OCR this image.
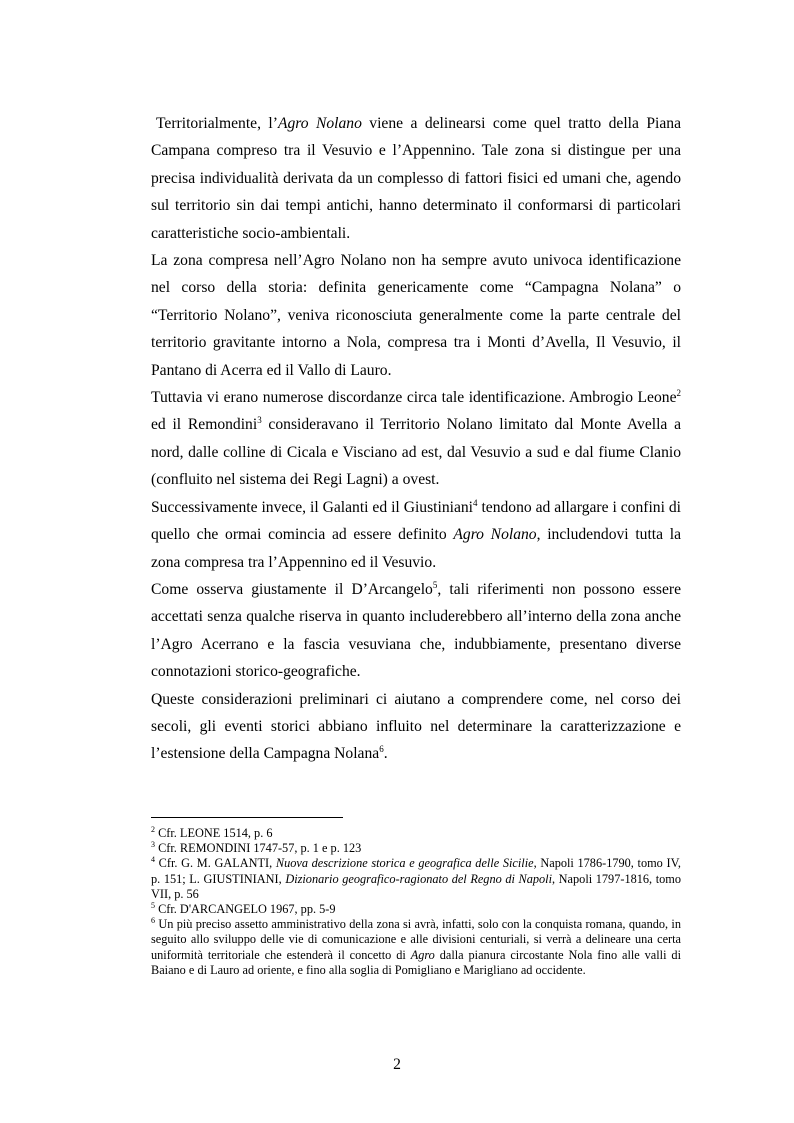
Territorialmente, l’Agro Nolano viene a delinearsi come quel tratto della Piana Campana compreso tra il Vesuvio e l’Appennino. Tale zona si distingue per una precisa individualità derivata da un complesso di fattori fisici ed umani che, agendo sul territorio sin dai tempi antichi, hanno determinato il conformarsi di particolari caratteristiche socio-ambientali.

La zona compresa nell’Agro Nolano non ha sempre avuto univoca identificazione nel corso della storia: definita genericamente come “Campagna Nolana” o “Territorio Nolano”, veniva riconosciuta generalmente come la parte centrale del territorio gravitante intorno a Nola, compresa tra i Monti d’Avella, Il Vesuvio, il Pantano di Acerra ed il Vallo di Lauro.

Tuttavia vi erano numerose discordanze circa tale identificazione. Ambrogio Leone$^2$ ed il Remondini$^3$ consideravano il Territorio Nolano limitato dal Monte Avella a nord, dalle colline di Cicala e Visciano ad est, dal Vesuvio a sud e dal fiume Clanio (confluito nel sistema dei Regi Lagni) a ovest.

Successivamente invece, il Galanti ed il Giustiniani$^4$ tendono ad allargare i confini di quello che ormai comincia ad essere definito Agro Nolano, includendovi tutta la zona compresa tra l’Appennino ed il Vesuvio.

Come osserva giustamente il D’Arcangelo$^5$, tali riferimenti non possono essere accettati senza qualche riserva in quanto includerebbero all’interno della zona anche l’Agro Acerrano e la fascia vesuviana che, indubbiamente, presentano diverse connotazioni storico-geografiche.

Queste considerazioni preliminari ci aiutano a comprendere come, nel corso dei secoli, gli eventi storici abbiano influito nel determinare la caratterizzazione e l’estensione della Campagna Nolana$^6$.

$^2$ Cfr. LEONE 1514, p. 6

$^3$ Cfr. REMONDINI 1747-57, p. 1 e p. 123

$^4$ Cfr. G. M. GALANTI, Nuova descrizione storica e geografica delle Sicilie, Napoli 1786-1790, tomo IV, p. 151; L. GIUSTINIANI, Dizionario geografico-ragionato del Regno di Napoli, Napoli 1797-1816, tomo VII, p. 56

$^5$ Cfr. D'ARCANGELO 1967, pp. 5-9

$^6$ Un più preciso assetto amministrativo della zona si avrà, infatti, solo con la conquista romana, quando, in seguito allo sviluppo delle vie di comunicazione e alle divisioni centuriali, si verrà a delineare una certa uniformità territoriale che estenderà il concetto di Agro dalla pianura circostante Nola fino alle valli di Baiano e di Lauro ad oriente, e fino alla soglia di Pomigliano e Marigliano ad occidente.

2
